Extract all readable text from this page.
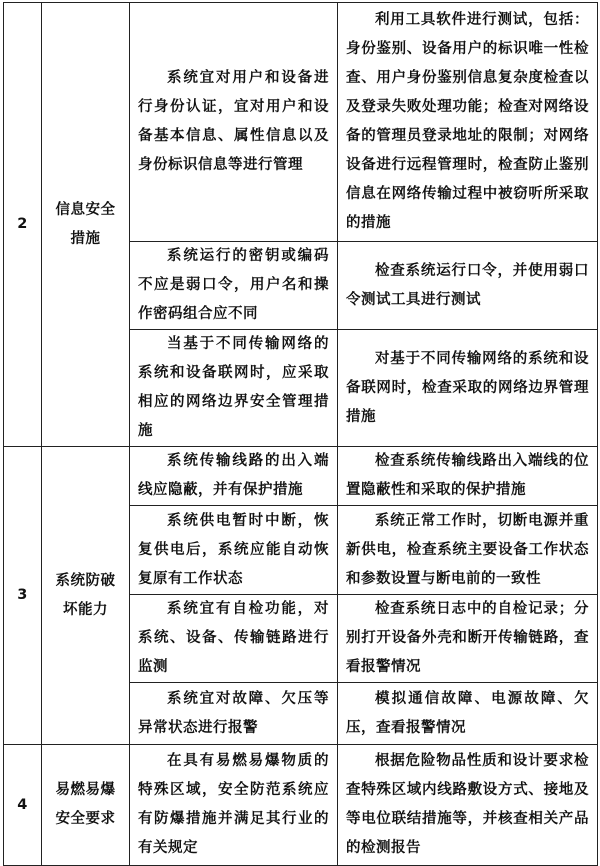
2	信息安全措施	系统宜对用户和设备进行身份认证，宜对用户和设备基本信息、属性信息以及身份标识信息等进行管理	利用工具软件进行测试，包括：身份鉴别、设备用户的标识唯一性检查、用户身份鉴别信息复杂度检查以及登录失败处理功能；检查对网络设备的管理员登录地址的限制；对网络设备进行远程管理时，检查防止鉴别信息在网络传输过程中被窃听所采取的措施
		系统运行的密钥或编码不应是弱口令，用户名和操作密码组合应不同	检查系统运行口令，并使用弱口令测试工具进行测试
		当基于不同传输网络的系统和设备联网时，应采取相应的网络边界安全管理措施	对基于不同传输网络的系统和设备联网时，检查采取的网络边界管理措施
3	系统防破坏能力	系统传输线路的出入端线应隐蔽，并有保护措施	检查系统传输线路出入端线的位置隐蔽性和采取的保护措施
		系统供电暂时中断，恢复供电后，系统应能自动恢复原有工作状态	系统正常工作时，切断电源并重新供电，检查系统主要设备工作状态和参数设置与断电前的一致性
		系统宜有自检功能，对系统、设备、传输链路进行监测	检查系统日志中的自检记录；分别打开设备外壳和断开传输链路，查看报警情况
		系统宜对故障、欠压等异常状态进行报警	模拟通信故障、电源故障、欠压，查看报警情况
4	易燃易爆安全要求	在具有易燃易爆物质的特殊区域，安全防范系统应有防爆措施并满足其行业的有关规定	根据危险物品性质和设计要求检查特殊区域内线路敷设方式、接地及等电位联结措施等，并核查相关产品的检测报告
